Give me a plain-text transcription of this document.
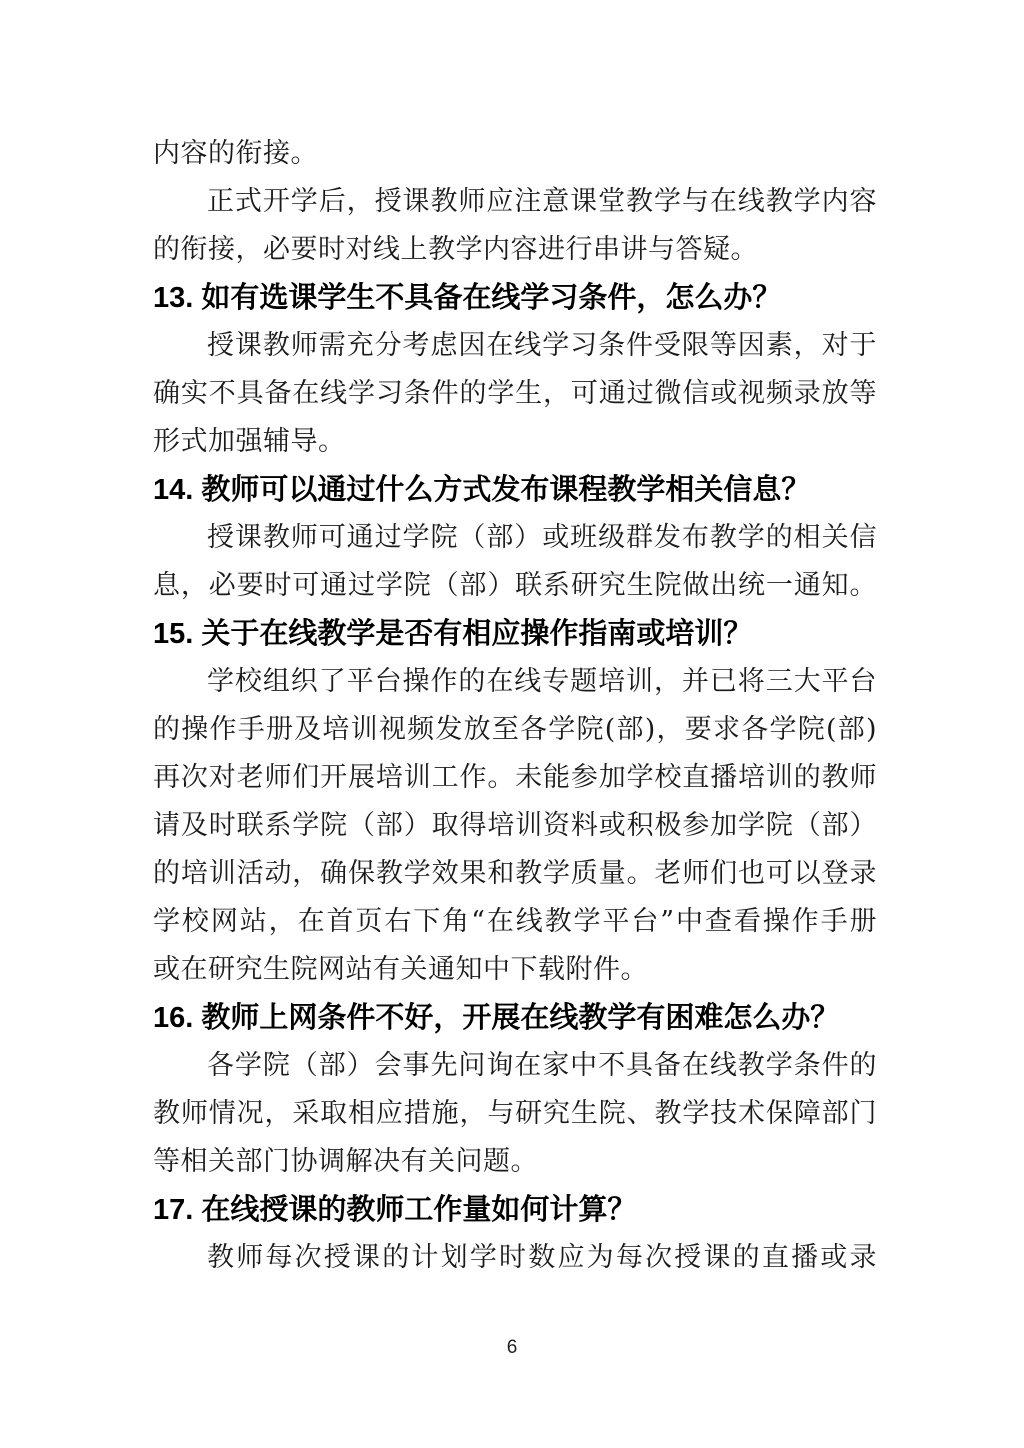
内容的衔接。
正式开学后，授课教师应注意课堂教学与在线教学内容
的衔接，必要时对线上教学内容进行串讲与答疑。
13. 如有选课学生不具备在线学习条件，怎么办？
授课教师需充分考虑因在线学习条件受限等因素，对于
确实不具备在线学习条件的学生，可通过微信或视频录放等
形式加强辅导。
14. 教师可以通过什么方式发布课程教学相关信息？
授课教师可通过学院（部）或班级群发布教学的相关信
息，必要时可通过学院（部）联系研究生院做出统一通知。
15. 关于在线教学是否有相应操作指南或培训？
学校组织了平台操作的在线专题培训，并已将三大平台
的操作手册及培训视频发放至各学院(部)，要求各学院(部)
再次对老师们开展培训工作。未能参加学校直播培训的教师
请及时联系学院（部）取得培训资料或积极参加学院（部）
的培训活动，确保教学效果和教学质量。老师们也可以登录
学校网站，在首页右下角“在线教学平台”中查看操作手册
或在研究生院网站有关通知中下载附件。
16. 教师上网条件不好，开展在线教学有困难怎么办？
各学院（部）会事先问询在家中不具备在线教学条件的
教师情况，采取相应措施，与研究生院、教学技术保障部门
等相关部门协调解决有关问题。
17. 在线授课的教师工作量如何计算？
教师每次授课的计划学时数应为每次授课的直播或录
6
